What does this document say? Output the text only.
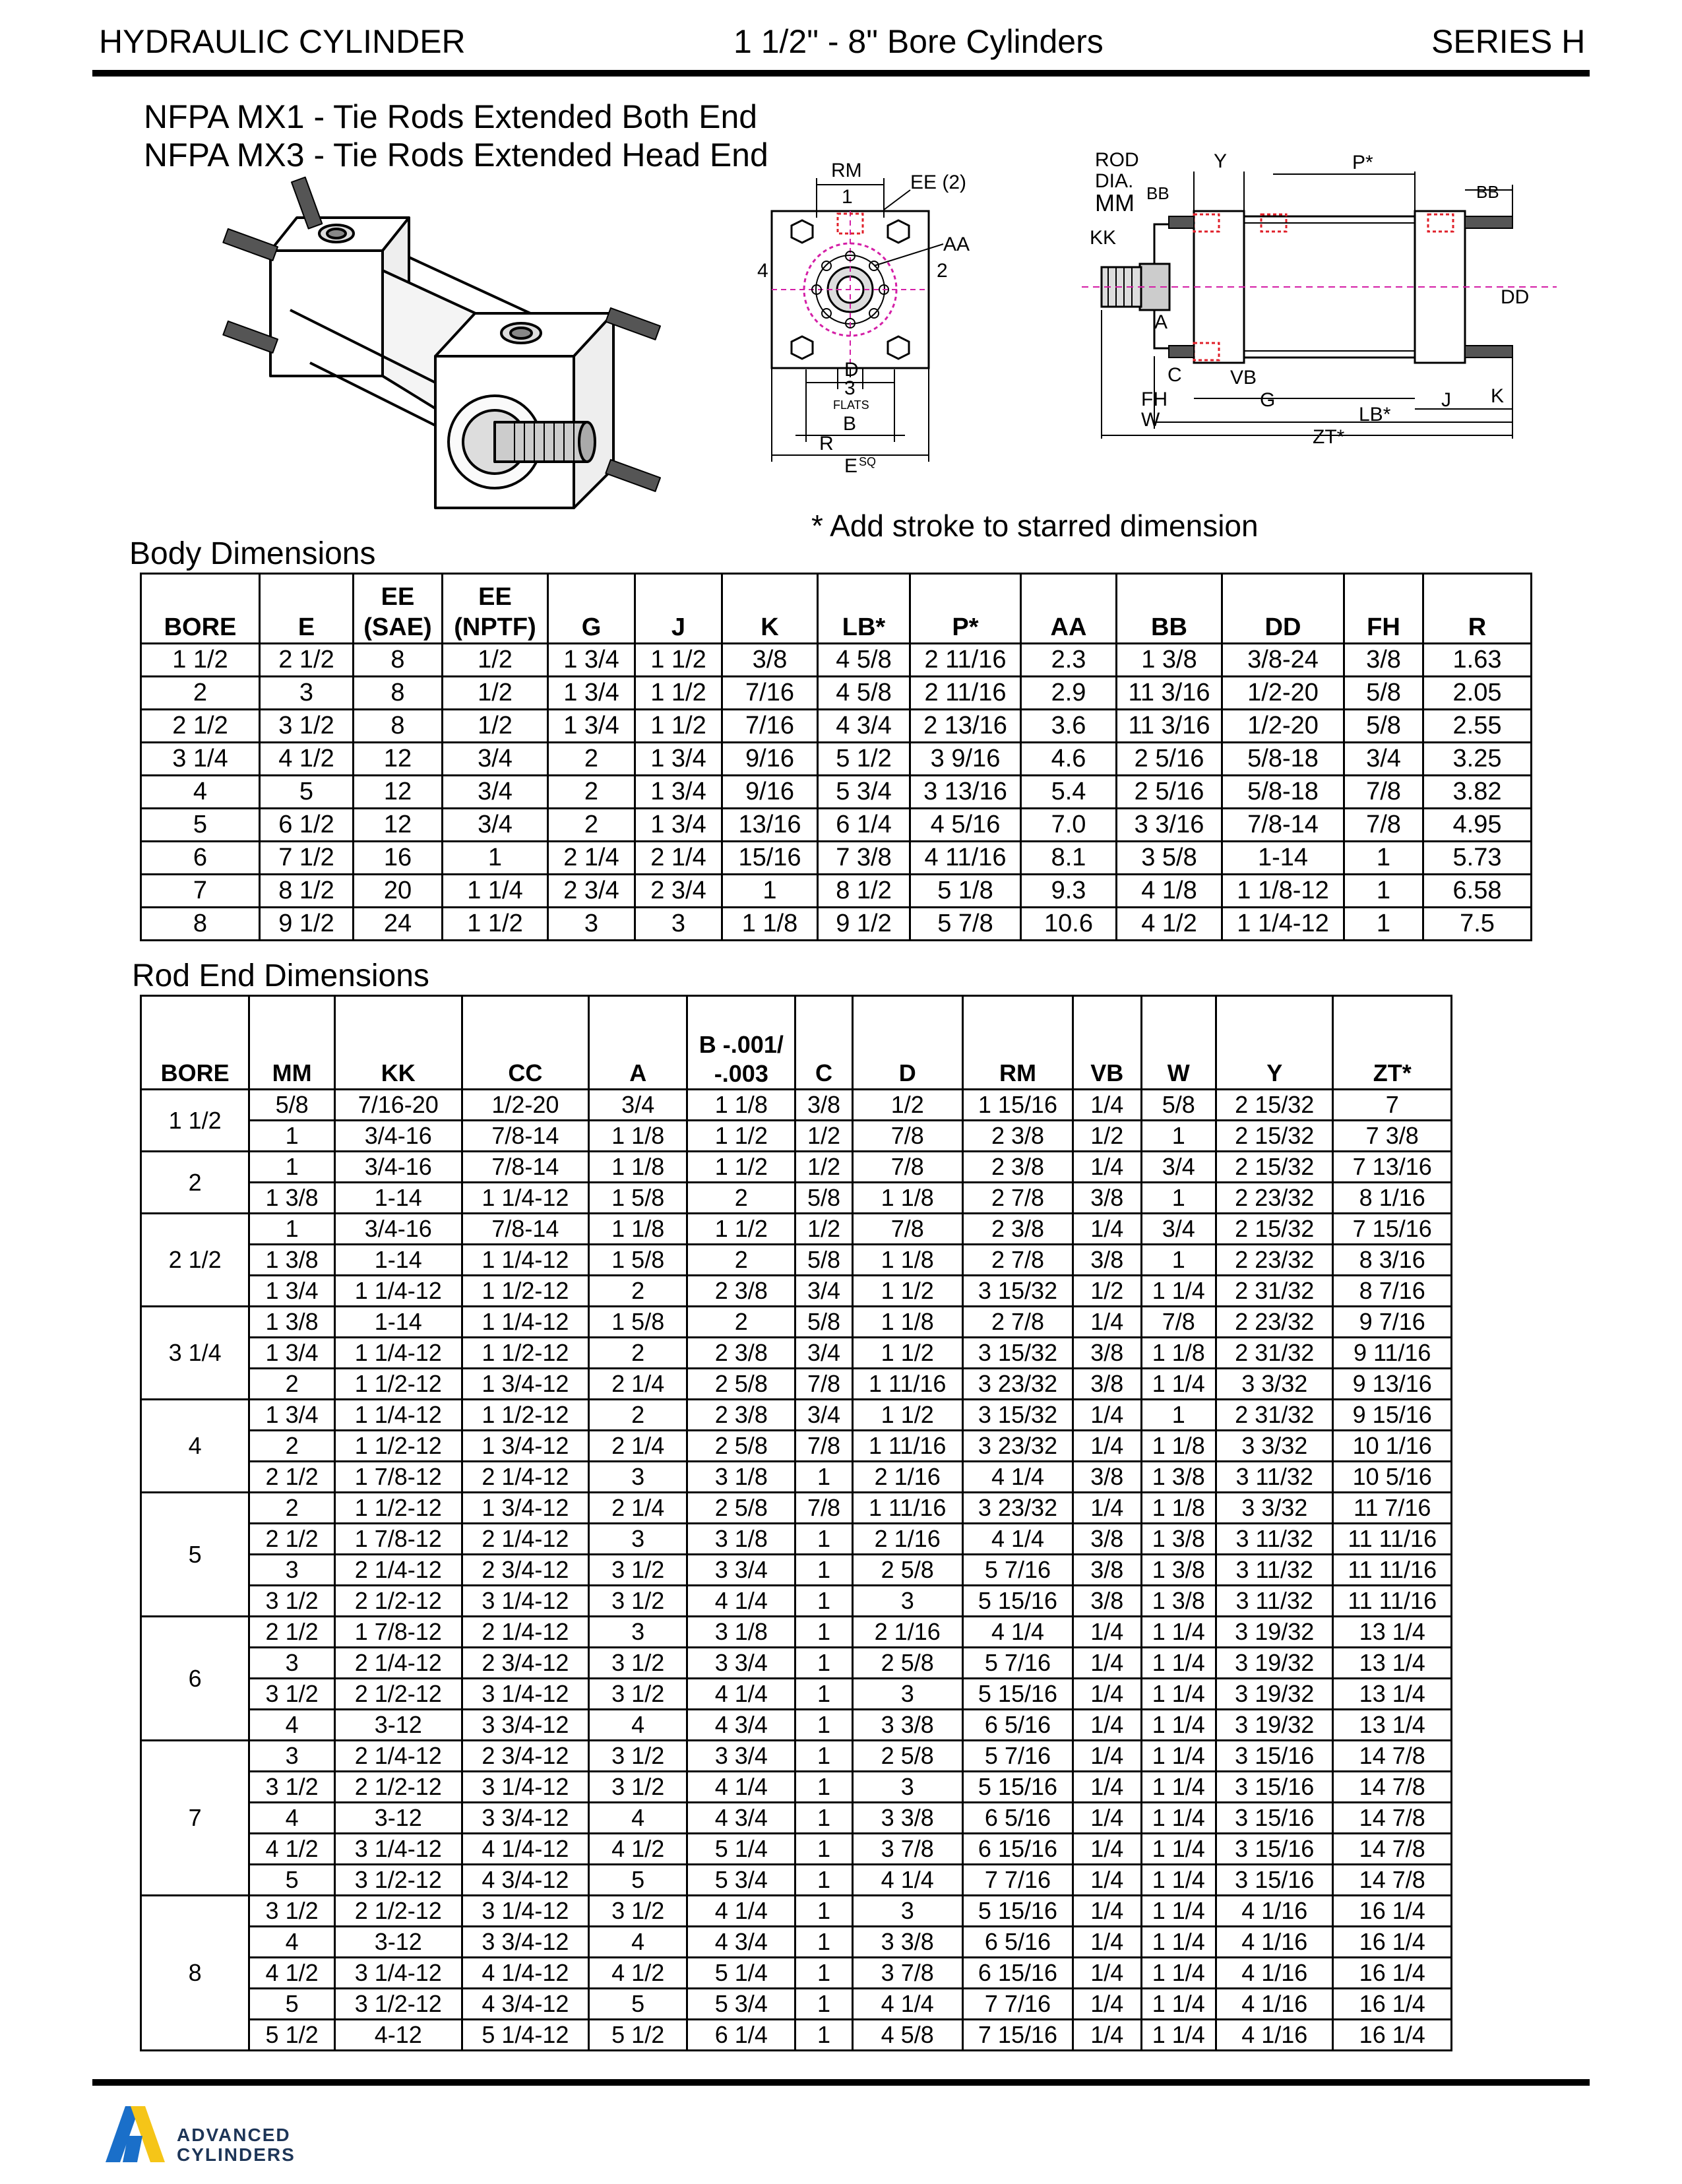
HYDRAULIC CYLINDER	1 1/2" - 8" Bore Cylinders	SERIES H
NFPA MX1 - Tie Rods Extended Both End
NFPA MX3 - Tie Rods Extended Head End	RM
EE (2)
AA
1
2
3
4
D
FLATS
B
R
E SQ
ROD
DIA.
MM
Y	P*
BB	BB
KK
DD
A
C VB
FH	G	J K
W	LB*
ZT*
* Add stroke to starred dimension
Body Dimensions
BORE	E	EE (SAE)	EE (NPTF)	G	J	K	LB*	P*	AA	BB	DD	FH	R
1 1/2	2 1/2	8	1/2	1 3/4	1 1/2	3/8	4 5/8	2 11/16	2.3	1 3/8	3/8-24	3/8	1.63
2	3	8	1/2	1 3/4	1 1/2	7/16	4 5/8	2 11/16	2.9	11 3/16	1/2-20	5/8	2.05
2 1/2	3 1/2	8	1/2	1 3/4	1 1/2	7/16	4 3/4	2 13/16	3.6	11 3/16	1/2-20	5/8	2.55
3 1/4	4 1/2	12	3/4	2	1 3/4	9/16	5 1/2	3 9/16	4.6	2 5/16	5/8-18	3/4	3.25
4	5	12	3/4	2	1 3/4	9/16	5 3/4	3 13/16	5.4	2 5/16	5/8-18	7/8	3.82
5	6 1/2	12	3/4	2	1 3/4	13/16	6 1/4	4 5/16	7.0	3 3/16	7/8-14	7/8	4.95
6	7 1/2	16	1	2 1/4	2 1/4	15/16	7 3/8	4 11/16	8.1	3 5/8	1-14	1	5.73
7	8 1/2	20	1 1/4	2 3/4	2 3/4	1	8 1/2	5 1/8	9.3	4 1/8	1 1/8-12	1	6.58
8	9 1/2	24	1 1/2	3	3	1 1/8	9 1/2	5 7/8	10.6	4 1/2	1 1/4-12	1	7.5
Rod End Dimensions
BORE	MM	KK	CC	A	B -.001/ -.003	C	D	RM	VB	W	Y	ZT*
1 1/2	5/8	7/16-20	1/2-20	3/4	1 1/8	3/8	1/2	1 15/16	1/4	5/8	2 15/32	7
	1	3/4-16	7/8-14	1 1/8	1 1/2	1/2	7/8	2 3/8	1/2	1	2 15/32	7 3/8
2	1	3/4-16	7/8-14	1 1/8	1 1/2	1/2	7/8	2 3/8	1/4	3/4	2 15/32	7 13/16
	1 3/8	1-14	1 1/4-12	1 5/8	2	5/8	1 1/8	2 7/8	3/8	1	2 23/32	8 1/16
2 1/2	1	3/4-16	7/8-14	1 1/8	1 1/2	1/2	7/8	2 3/8	1/4	3/4	2 15/32	7 15/16
	1 3/8	1-14	1 1/4-12	1 5/8	2	5/8	1 1/8	2 7/8	3/8	1	2 23/32	8 3/16
	1 3/4	1 1/4-12	1 1/2-12	2	2 3/8	3/4	1 1/2	3 15/32	1/2	1 1/4	2 31/32	8 7/16
3 1/4	1 3/8	1-14	1 1/4-12	1 5/8	2	5/8	1 1/8	2 7/8	1/4	7/8	2 23/32	9 7/16
	1 3/4	1 1/4-12	1 1/2-12	2	2 3/8	3/4	1 1/2	3 15/32	3/8	1 1/8	2 31/32	9 11/16
	2	1 1/2-12	1 3/4-12	2 1/4	2 5/8	7/8	1 11/16	3 23/32	3/8	1 1/4	3 3/32	9 13/16
4	1 3/4	1 1/4-12	1 1/2-12	2	2 3/8	3/4	1 1/2	3 15/32	1/4	1	2 31/32	9 15/16
	2	1 1/2-12	1 3/4-12	2 1/4	2 5/8	7/8	1 11/16	3 23/32	1/4	1 1/8	3 3/32	10 1/16
	2 1/2	1 7/8-12	2 1/4-12	3	3 1/8	1	2 1/16	4 1/4	3/8	1 3/8	3 11/32	10 5/16
5	2	1 1/2-12	1 3/4-12	2 1/4	2 5/8	7/8	1 11/16	3 23/32	1/4	1 1/8	3 3/32	11 7/16
	2 1/2	1 7/8-12	2 1/4-12	3	3 1/8	1	2 1/16	4 1/4	3/8	1 3/8	3 11/32	11 11/16
	3	2 1/4-12	2 3/4-12	3 1/2	3 3/4	1	2 5/8	5 7/16	3/8	1 3/8	3 11/32	11 11/16
	3 1/2	2 1/2-12	3 1/4-12	3 1/2	4 1/4	1	3	5 15/16	3/8	1 3/8	3 11/32	11 11/16
6	2 1/2	1 7/8-12	2 1/4-12	3	3 1/8	1	2 1/16	4 1/4	1/4	1 1/4	3 19/32	13 1/4
	3	2 1/4-12	2 3/4-12	3 1/2	3 3/4	1	2 5/8	5 7/16	1/4	1 1/4	3 19/32	13 1/4
	3 1/2	2 1/2-12	3 1/4-12	3 1/2	4 1/4	1	3	5 15/16	1/4	1 1/4	3 19/32	13 1/4
	4	3-12	3 3/4-12	4	4 3/4	1	3 3/8	6 5/16	1/4	1 1/4	3 19/32	13 1/4
7	3	2 1/4-12	2 3/4-12	3 1/2	3 3/4	1	2 5/8	5 7/16	1/4	1 1/4	3 15/16	14 7/8
	3 1/2	2 1/2-12	3 1/4-12	3 1/2	4 1/4	1	3	5 15/16	1/4	1 1/4	3 15/16	14 7/8
	4	3-12	3 3/4-12	4	4 3/4	1	3 3/8	6 5/16	1/4	1 1/4	3 15/16	14 7/8
	4 1/2	3 1/4-12	4 1/4-12	4 1/2	5 1/4	1	3 7/8	6 15/16	1/4	1 1/4	3 15/16	14 7/8
	5	3 1/2-12	4 3/4-12	5	5 3/4	1	4 1/4	7 7/16	1/4	1 1/4	3 15/16	14 7/8
8	3 1/2	2 1/2-12	3 1/4-12	3 1/2	4 1/4	1	3	5 15/16	1/4	1 1/4	4 1/16	16 1/4
	4	3-12	3 3/4-12	4	4 3/4	1	3 3/8	6 5/16	1/4	1 1/4	4 1/16	16 1/4
	4 1/2	3 1/4-12	4 1/4-12	4 1/2	5 1/4	1	3 7/8	6 15/16	1/4	1 1/4	4 1/16	16 1/4
	5	3 1/2-12	4 3/4-12	5	5 3/4	1	4 1/4	7 7/16	1/4	1 1/4	4 1/16	16 1/4
	5 1/2	4-12	5 1/4-12	5 1/2	6 1/4	1	4 5/8	7 15/16	1/4	1 1/4	4 1/16	16 1/4
ADVANCED
CYLINDERS
